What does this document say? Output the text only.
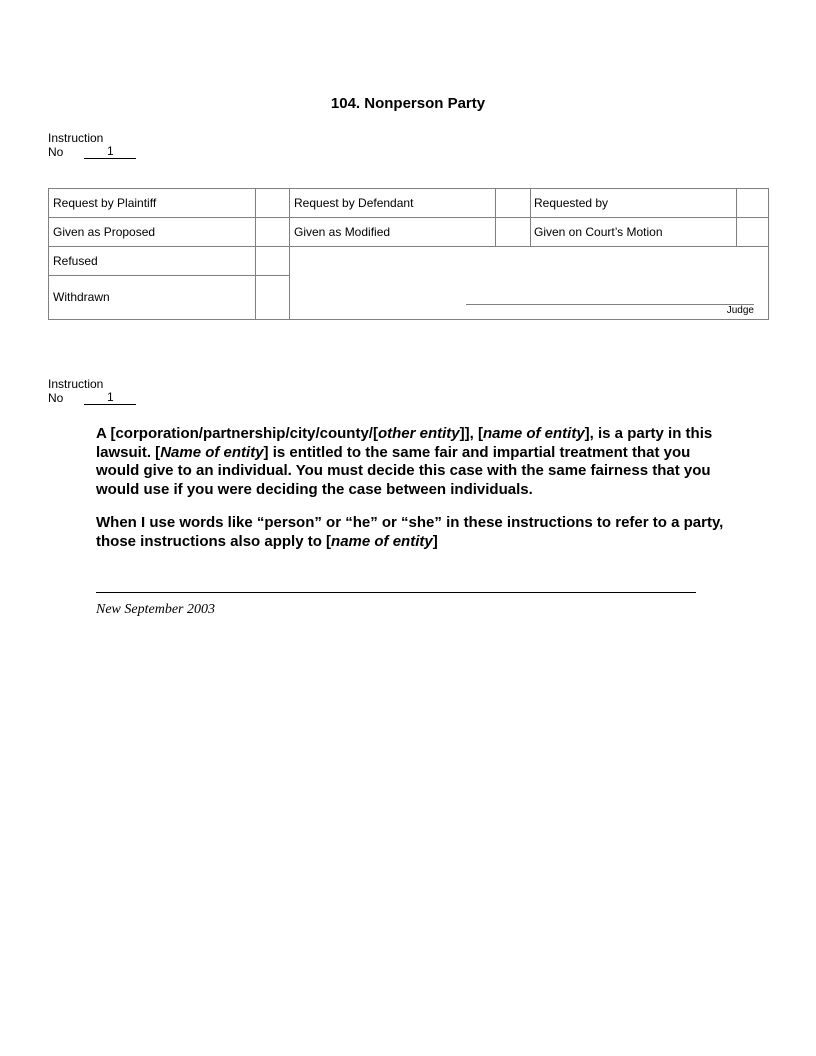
104. Nonperson Party
Instruction
No	1
Request by Plaintiff	Request by Defendant	Requested by
Given as Proposed	Given as Modified	Given on Court’s Motion
Refused
Withdrawn
Judge
Instruction
No	1

A [corporation/partnership/city/county/[other entity]], [name of entity], is a party in this lawsuit. [Name of entity] is entitled to the same fair and impartial treatment that you would give to an individual. You must decide this case with the same fairness that you would use if you were deciding the case between individuals.

When I use words like “person” or “he” or “she” in these instructions to refer to a party, those instructions also apply to [name of entity]

New September 2003
